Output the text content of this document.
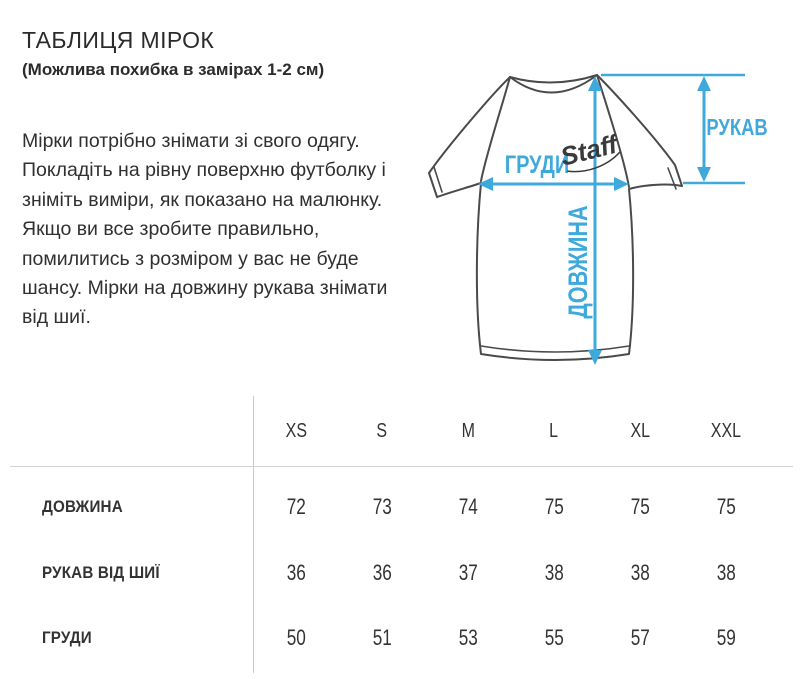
ТАБЛИЦЯ МІРОК
(Можлива похибка в замірах 1-2 см)
Мірки потрібно знімати зі свого одягу. Покладіть на рівну поверхню футболку і зніміть виміри, як показано на малюнку. Якщо ви все зробите правильно, помилитись з розміром у вас не буде шансу. Мірки на довжину рукава знімати від шиї.
ГРУДИ
ДОВЖИНА
РУКАВ
Staff
XS	S	M	L	XL	XXL
ДОВЖИНА	72	73	74	75	75	75
РУКАВ ВІД ШИЇ	36	36	37	38	38	38
ГРУДИ	50	51	53	55	57	59
